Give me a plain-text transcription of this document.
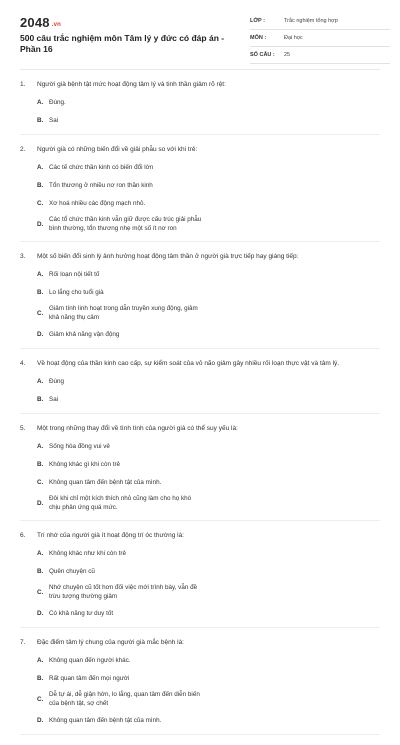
2048 .vn
500 câu trắc nghiệm môn Tâm lý y đức có đáp án - Phần 16
LỚP :	Trắc nghiệm tổng hợp
MÔN :	Đại học
SỐ CÂU :	25
1.	Người già bệnh tật mức hoạt động tâm lý và tinh thần giảm rõ rệt:
A. Đúng.
B. Sai
2.	Người già có những biến đổi về giải phẫu so với khi trẻ:
A. Các tế chức thần kinh có biến đổi lớn
B. Tổn thương ở nhiều nơ ron thần kinh
C. Xơ hoá nhiều các động mạch nhỏ.
D.
Các tổ chức thần kinh vẫn giữ được cấu trúc giải phẫu bình thường, tổn thương nhẹ một số ít nơ ron
3.	Một số biến đổi sinh lý ảnh hưởng hoạt động tâm thần ở người già trực tiếp hay giáng tiếp:
A. Rối loạn nội tiết tố
B. Lo lắng cho tuổi già
C.
Giảm tính linh hoạt trong dẫn truyền xung động, giảm khả năng thụ cảm
D. Giảm khả năng vận động
4.	Về hoạt động của thần kinh cao cấp, sự kiểm soát của vỏ não giảm gây nhiều rối loạn thực vật và tâm lý.
A. Đúng
B. Sai
5.	Một trong những thay đổi về tình tình của người già có thể suy yếu là:
A. Sống hòa đồng vui vẻ
B. Không khác gì khi còn trẻ
C. Không quan tâm đến bệnh tật của mình.
D.
Đôi khi chỉ một kích thích nhỏ cũng làm cho họ khó chịu phản ứng quá mức.
6.	Trí nhớ của người già ít hoạt động trí óc thường là:
A. Không khác như khi còn trẻ
B. Quên chuyện cũ
C.
Nhớ chuyện cũ tốt hơn đối việc mới trình bày, vẫn đề trừu tượng thường giảm
D. Có khả năng tư duy tốt
7.	Đặc điểm tâm lý chung của người già mắc bệnh là:
A. Không quan đến người khác.
B. Rất quan tâm đến mọi người
C.
Dễ tự ái, dễ giận hờn, lo lắng, quan tâm đến diễn biến của bệnh tật, sợ chết
D. Không quan tâm đến bệnh tật của mình.
